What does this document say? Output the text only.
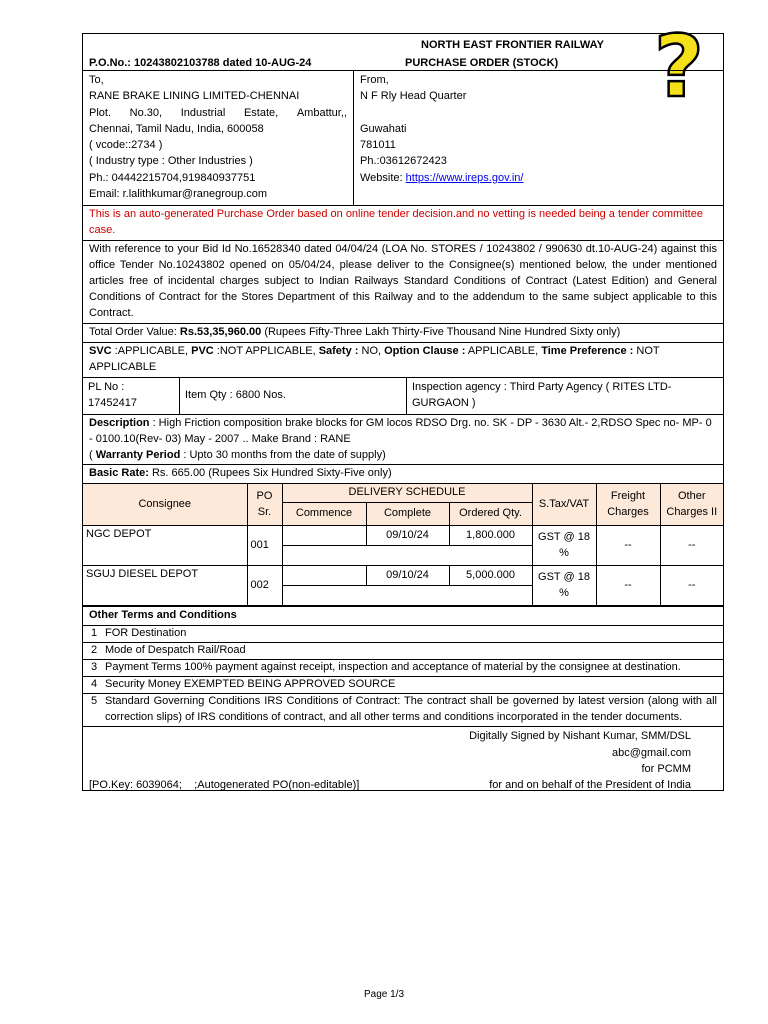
?
NORTH EAST FRONTIER RAILWAY
P.O.No.: 10243802103788 dated 10-AUG-24	PURCHASE ORDER (STOCK)
To,
RANE BRAKE LINING LIMITED-CHENNAI
Plot. No.30, Industrial Estate, Ambattur,,
Chennai, Tamil Nadu, India, 600058
( vcode::2734 )
( Industry type : Other Industries )
Ph.: 04442215704,919840937751
Email: r.lalithkumar@ranegroup.com
From,
N F Rly Head Quarter
Guwahati
781011
Ph.:03612672423
Website: https://www.ireps.gov.in/
This is an auto-generated Purchase Order based on online tender decision.and no vetting is needed being a tender committee case.
With reference to your Bid Id No.16528340 dated 04/04/24 (LOA No. STORES / 10243802 / 990630 dt.10-AUG-24) against this office Tender No.10243802 opened on 05/04/24, please deliver to the Consignee(s) mentioned below, the under mentioned articles free of incidental charges subject to Indian Railways Standard Conditions of Contract (Latest Edition) and General Conditions of Contract for the Stores Department of this Railway and to the addendum to the same subject applicable to this Contract.
Total Order Value: Rs.53,35,960.00 (Rupees Fifty-Three Lakh Thirty-Five Thousand Nine Hundred Sixty only)
SVC :APPLICABLE, PVC :NOT APPLICABLE, Safety : NO, Option Clause : APPLICABLE, Time Preference : NOT APPLICABLE
PL No :
17452417
Item Qty : 6800 Nos.
Inspection agency : Third Party Agency ( RITES LTD-GURGAON )
Description : High Friction composition brake blocks for GM locos RDSO Drg. no. SK - DP - 3630 Alt.- 2,RDSO Spec no- MP- 0 - 0100.10(Rev- 03) May - 2007 .. Make Brand : RANE
( Warranty Period : Upto 30 months from the date of supply)
Basic Rate: Rs. 665.00 (Rupees Six Hundred Sixty-Five only)
Consignee	PO Sr.	DELIVERY SCHEDULE			S.Tax/VAT	Freight Charges	Other Charges II
		Commence	Complete	Ordered Qty.			
NGC DEPOT	001		09/10/24	1,800.000	GST @ 18 %	--	--

SGUJ DIESEL DEPOT	002		09/10/24	5,000.000	GST @ 18 %	--	--

Other Terms and Conditions
1 FOR Destination
2 Mode of Despatch Rail/Road
3 Payment Terms 100% payment against receipt, inspection and acceptance of material by the consignee at destination.
4 Security Money EXEMPTED BEING APPROVED SOURCE
5 Standard Governing Conditions IRS Conditions of Contract: The contract shall be governed by latest version (along with all correction slips) of IRS conditions of contract, and all other terms and conditions incorporated in the tender documents.
Digitally Signed by Nishant Kumar, SMM/DSL
abc@gmail.com
for PCMM
for and on behalf of the President of India
[PO.Key: 6039064;    ;Autogenerated PO(non-editable)]
Page 1/3
